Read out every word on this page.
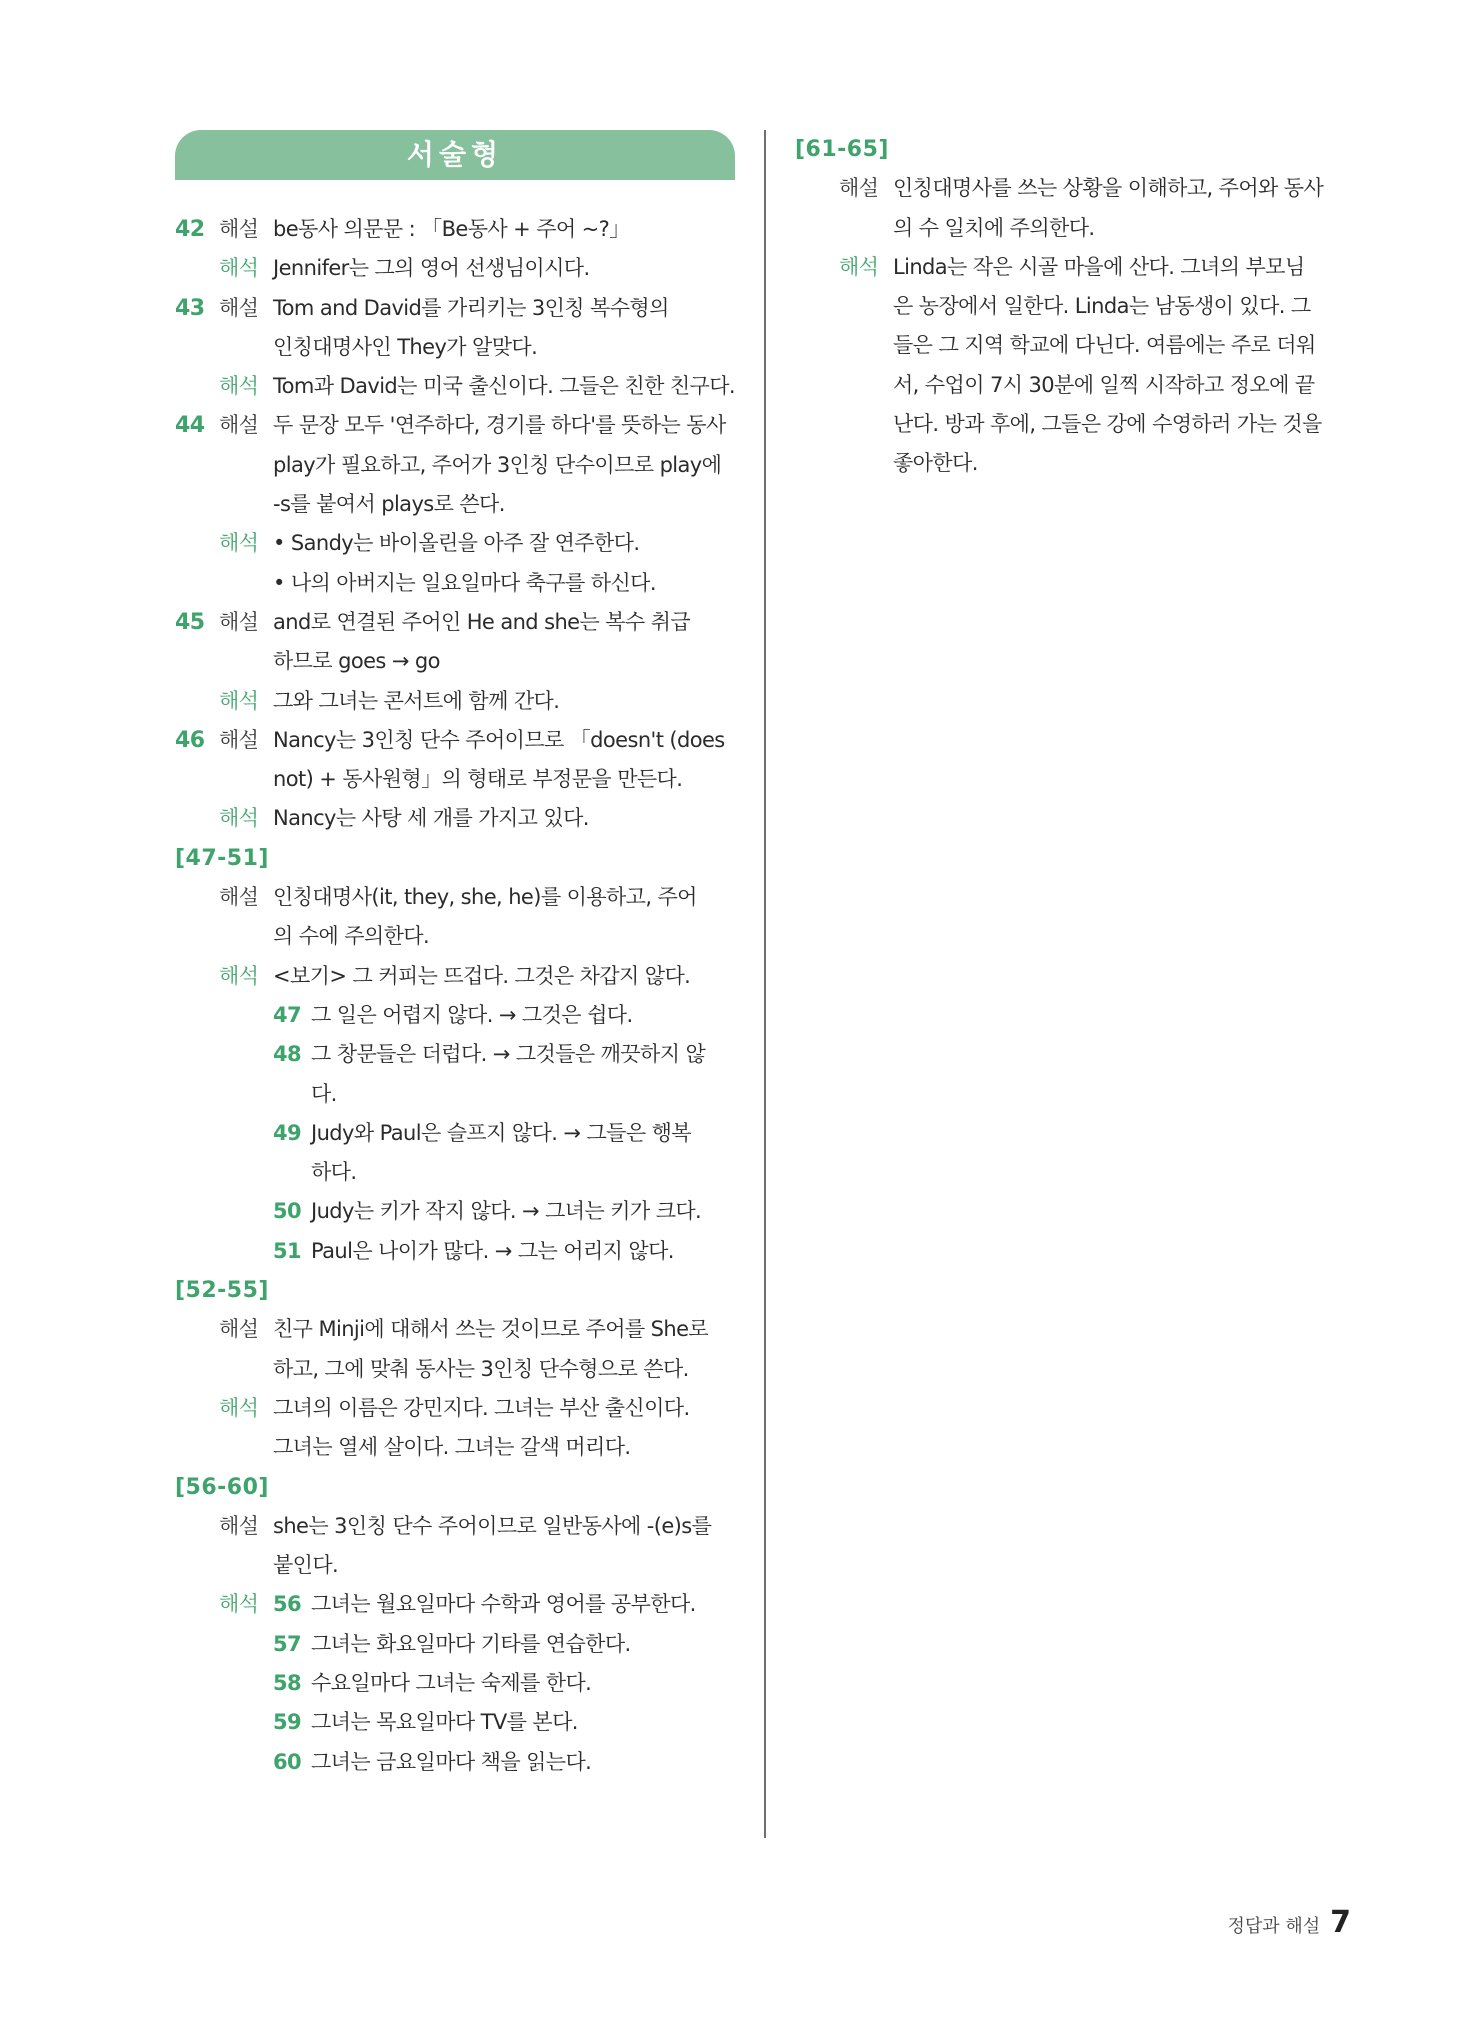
서술형
42 해설 be동사 의문문 : 「Be동사 + 주어 ~?」
해석 Jennifer는 그의 영어 선생님이시다.
43 해설 Tom and David를 가리키는 3인칭 복수형의
인칭대명사인 They가 알맞다.
해석 Tom과 David는 미국 출신이다. 그들은 친한 친구다.
44 해설 두 문장 모두 '연주하다, 경기를 하다'를 뜻하는 동사
play가 필요하고, 주어가 3인칭 단수이므로 play에
-s를 붙여서 plays로 쓴다.
해석 • Sandy는 바이올린을 아주 잘 연주한다.
• 나의 아버지는 일요일마다 축구를 하신다.
45 해설 and로 연결된 주어인 He and she는 복수 취급
하므로 goes → go
해석 그와 그녀는 콘서트에 함께 간다.
46 해설 Nancy는 3인칭 단수 주어이므로 「doesn't (does
not) + 동사원형」의 형태로 부정문을 만든다.
해석 Nancy는 사탕 세 개를 가지고 있다.
[47-51]
해설 인칭대명사(it, they, she, he)를 이용하고, 주어
의 수에 주의한다.
해석 <보기> 그 커피는 뜨겁다. 그것은 차갑지 않다.
47 그 일은 어렵지 않다. → 그것은 쉽다.
48 그 창문들은 더럽다. → 그것들은 깨끗하지 않
다.
49 Judy와 Paul은 슬프지 않다. → 그들은 행복
하다.
50 Judy는 키가 작지 않다. → 그녀는 키가 크다.
51 Paul은 나이가 많다. → 그는 어리지 않다.
[52-55]
해설 친구 Minji에 대해서 쓰는 것이므로 주어를 She로
하고, 그에 맞춰 동사는 3인칭 단수형으로 쓴다.
해석 그녀의 이름은 강민지다. 그녀는 부산 출신이다.
그녀는 열세 살이다. 그녀는 갈색 머리다.
[56-60]
해설 she는 3인칭 단수 주어이므로 일반동사에 -(e)s를
붙인다.
해석 56 그녀는 월요일마다 수학과 영어를 공부한다.
57 그녀는 화요일마다 기타를 연습한다.
58 수요일마다 그녀는 숙제를 한다.
59 그녀는 목요일마다 TV를 본다.
60 그녀는 금요일마다 책을 읽는다.
[61-65]
해설 인칭대명사를 쓰는 상황을 이해하고, 주어와 동사
의 수 일치에 주의한다.
해석 Linda는 작은 시골 마을에 산다. 그녀의 부모님
은 농장에서 일한다. Linda는 남동생이 있다. 그
들은 그 지역 학교에 다닌다. 여름에는 주로 더워
서, 수업이 7시 30분에 일찍 시작하고 정오에 끝
난다. 방과 후에, 그들은 강에 수영하러 가는 것을
좋아한다.
정답과 해설 7
